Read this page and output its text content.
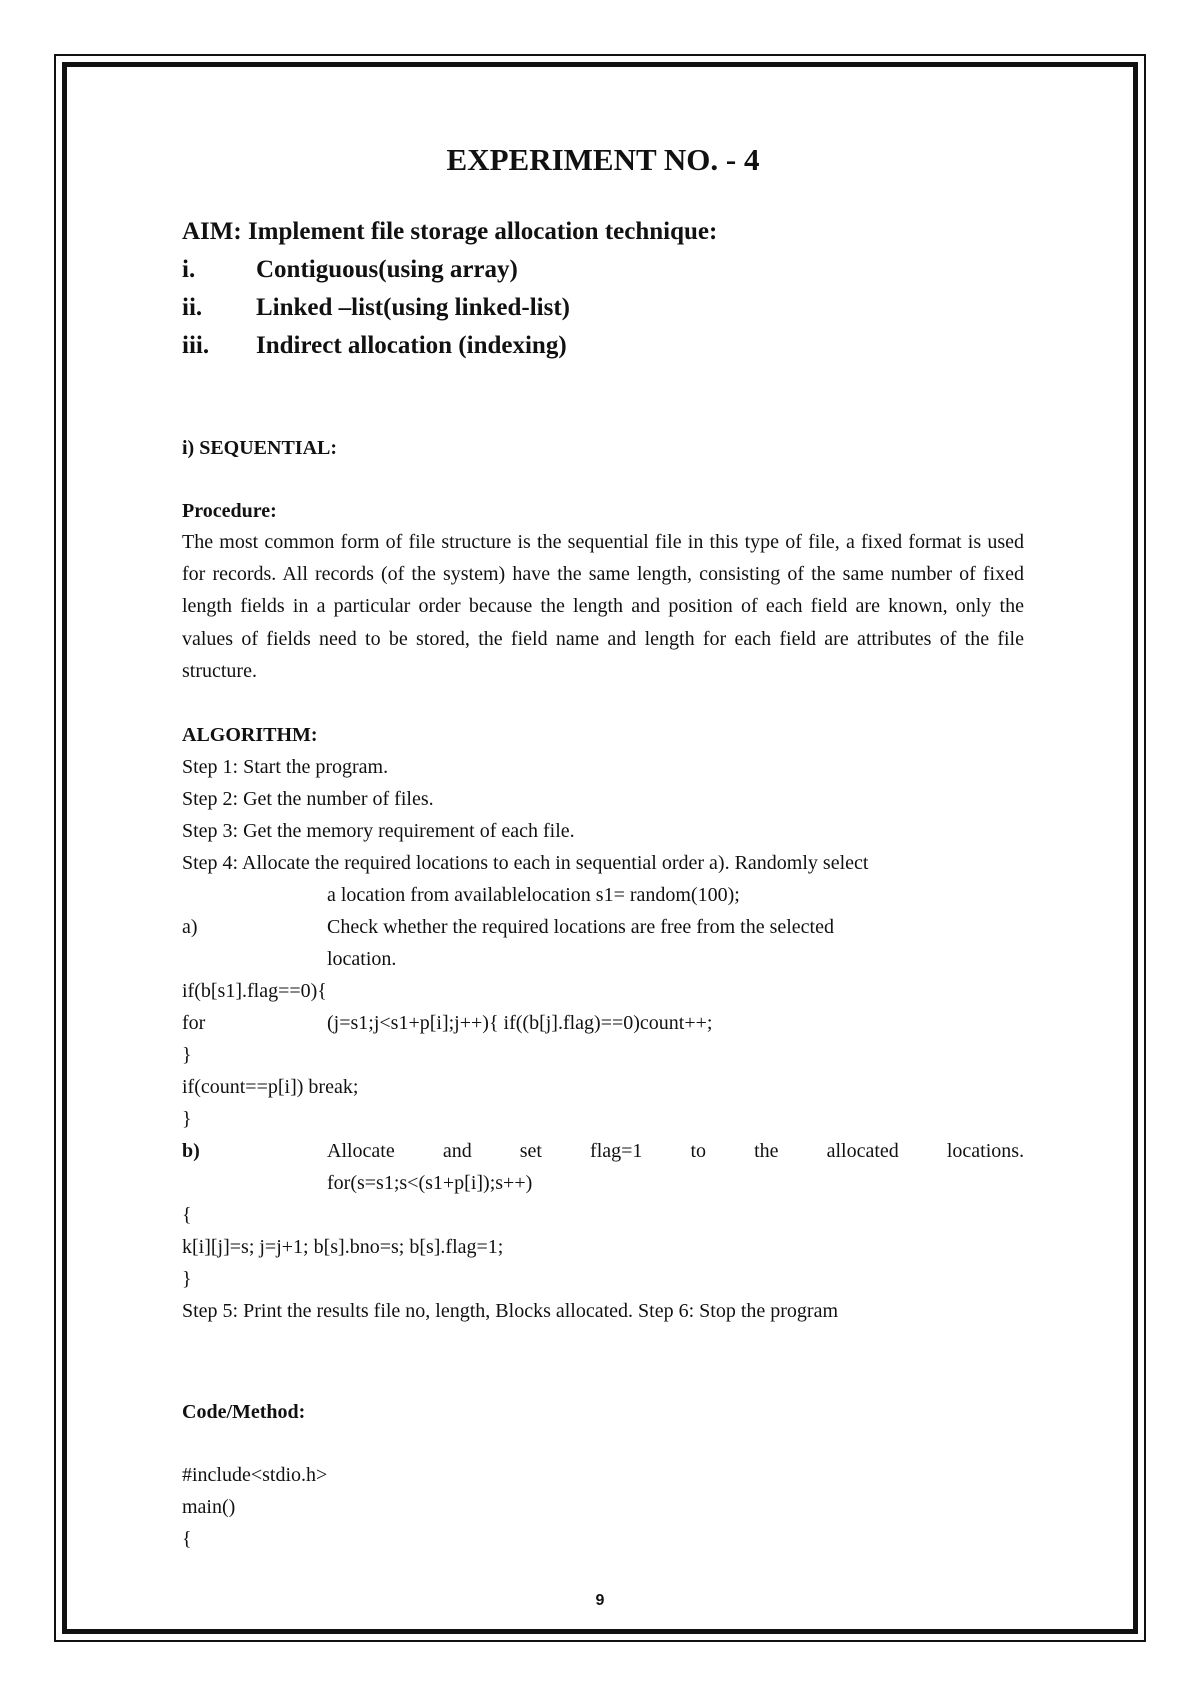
EXPERIMENT NO. - 4
AIM: Implement file storage allocation technique:
i. Contiguous(using array)
ii. Linked –list(using linked-list)
iii. Indirect allocation (indexing)
i) SEQUENTIAL:
Procedure:
The most common form of file structure is the sequential file in this type of file, a fixed format is used for records. All records (of the system) have the same length, consisting of the same number of fixed length fields in a particular order because the length and position of each field are known, only the values of fields need to be stored, the field name and length for each field are attributes of the file structure.
ALGORITHM:
Step 1: Start the program.
Step 2: Get the number of files.
Step 3: Get the memory requirement of each file.
Step 4: Allocate the required locations to each in sequential order a). Randomly select
a location from availablelocation s1= random(100);
a)	Check whether the required locations are free from the selected
location.
if(b[s1].flag==0){
for	(j=s1;j<s1+p[i];j++){ if((b[j].flag)==0)count++;
}
if(count==p[i]) break;
}
b)	Allocate and set flag=1 to the allocated locations.
for(s=s1;s<(s1+p[i]);s++)
{
k[i][j]=s; j=j+1; b[s].bno=s; b[s].flag=1;
}
Step 5: Print the results file no, length, Blocks allocated. Step 6: Stop the program
Code/Method:
#include<stdio.h>
main()
{
9
